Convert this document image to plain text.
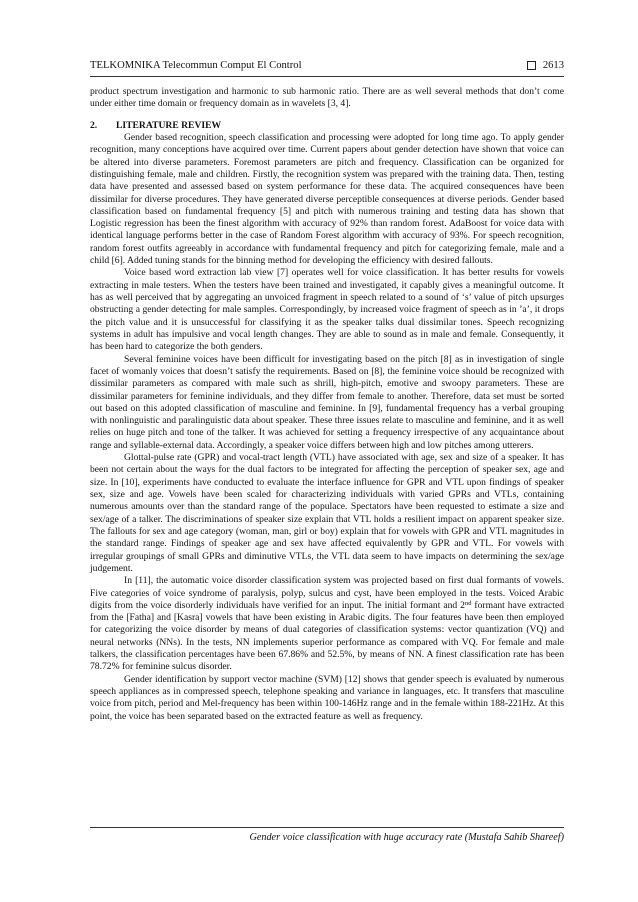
TELKOMNIKA Telecommun Comput El Control	2613

product spectrum investigation and harmonic to sub harmonic ratio. There are as well several methods that don’t come under either time domain or frequency domain as in wavelets [3, 4].

2. LITERATURE REVIEW

Gender based recognition, speech classification and processing were adopted for long time ago. To apply gender recognition, many conceptions have acquired over time. Current papers about gender detection have shown that voice can be altered into diverse parameters. Foremost parameters are pitch and frequency. Classification can be organized for distinguishing female, male and children. Firstly, the recognition system was prepared with the training data. Then, testing data have presented and assessed based on system performance for these data. The acquired consequences have been dissimilar for diverse procedures. They have generated diverse perceptible consequences at diverse periods. Gender based classification based on fundamental frequency [5] and pitch with numerous training and testing data has shown that Logistic regression has been the finest algorithm with accuracy of 92% than random forest. AdaBoost for voice data with identical language performs better in the case of Random Forest algorithm with accuracy of 93%. For speech recognition, random forest outfits agreeably in accordance with fundamental frequency and pitch for categorizing female, male and a child [6]. Added tuning stands for the binning method for developing the efficiency with desired fallouts.

Voice based word extraction lab view [7] operates well for voice classification. It has better results for vowels extracting in male testers. When the testers have been trained and investigated, it capably gives a meaningful outcome. It has as well perceived that by aggregating an unvoiced fragment in speech related to a sound of ‘s’ value of pitch upsurges obstructing a gender detecting for male samples. Correspondingly, by increased voice fragment of speech as in ’a’, it drops the pitch value and it is unsuccessful for classifying it as the speaker talks dual dissimilar tones. Speech recognizing systems in adult has impulsive and vocal length changes. They are able to sound as in male and female. Consequently, it has been hard to categorize the both genders.

Several feminine voices have been difficult for investigating based on the pitch [8] as in investigation of single facet of womanly voices that doesn’t satisfy the requirements. Based on [8], the feminine voice should be recognized with dissimilar parameters as compared with male such as shrill, high-pitch, emotive and swoopy parameters. These are dissimilar parameters for feminine individuals, and they differ from female to another. Therefore, data set must be sorted out based on this adopted classification of masculine and feminine. In [9], fundamental frequency has a verbal grouping with nonlinguistic and paralinguistic data about speaker. These three issues relate to masculine and feminine, and it as well relies on huge pitch and tone of the talker. It was achieved for setting a frequency irrespective of any acquaintance about range and syllable-external data. Accordingly, a speaker voice differs between high and low pitches among utterers.

Glottal-pulse rate (GPR) and vocal-tract length (VTL) have associated with age, sex and size of a speaker. It has been not certain about the ways for the dual factors to be integrated for affecting the perception of speaker sex, age and size. In [10], experiments have conducted to evaluate the interface influence for GPR and VTL upon findings of speaker sex, size and age. Vowels have been scaled for characterizing individuals with varied GPRs and VTLs, containing numerous amounts over than the standard range of the populace. Spectators have been requested to estimate a size and sex/age of a talker. The discriminations of speaker size explain that VTL holds a resilient impact on apparent speaker size. The fallouts for sex and age category (woman, man, girl or boy) explain that for vowels with GPR and VTL magnitudes in the standard range. Findings of speaker age and sex have affected equivalently by GPR and VTL. For vowels with irregular groupings of small GPRs and diminutive VTLs, the VTL data seem to have impacts on determining the sex/age judgement.

In [11], the automatic voice disorder classification system was projected based on first dual formants of vowels. Five categories of voice syndrome of paralysis, polyp, sulcus and cyst, have been employed in the tests. Voiced Arabic digits from the voice disorderly individuals have verified for an input. The initial formant and 2nd formant have extracted from the [Fatha] and [Kasra] vowels that have been existing in Arabic digits. The four features have been then employed for categorizing the voice disorder by means of dual categories of classification systems: vector quantization (VQ) and neural networks (NNs). In the tests, NN implements superior performance as compared with VQ. For female and male talkers, the classification percentages have been 67.86% and 52.5%, by means of NN. A finest classification rate has been 78.72% for feminine sulcus disorder.

Gender identification by support vector machine (SVM) [12] shows that gender speech is evaluated by numerous speech appliances as in compressed speech, telephone speaking and variance in languages, etc. It transfers that masculine voice from pitch, period and Mel-frequency has been within 100-146Hz range and in the female within 188-221Hz. At this point, the voice has been separated based on the extracted feature as well as frequency.

Gender voice classification with huge accuracy rate (Mustafa Sahib Shareef)
